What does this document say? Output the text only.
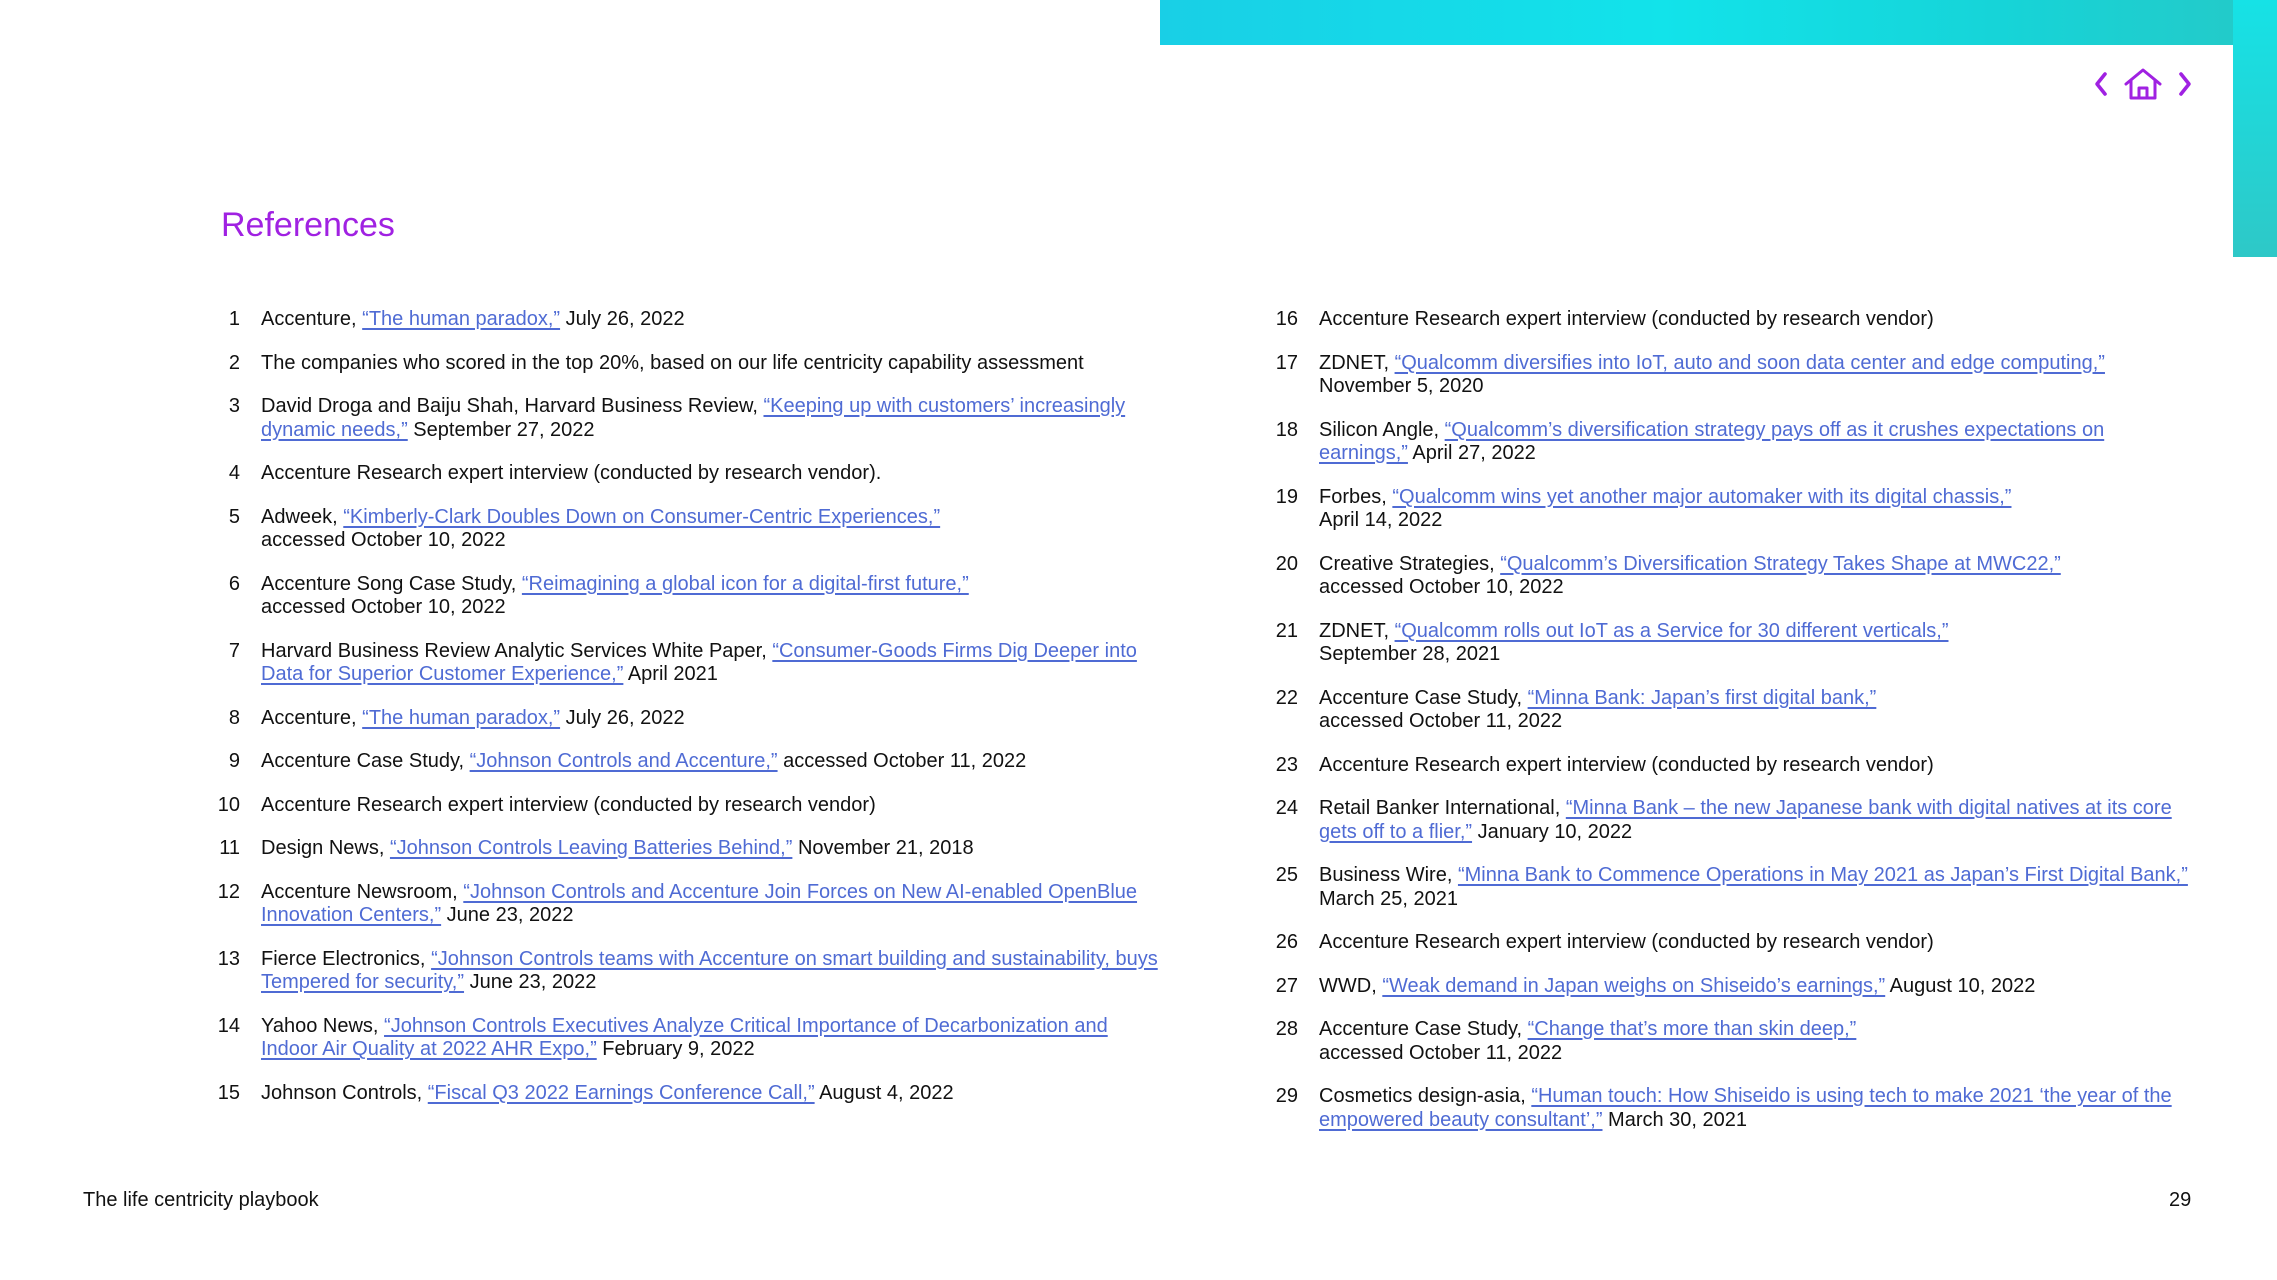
References
1	Accenture, “The human paradox,” July 26, 2022
2	The companies who scored in the top 20%, based on our life centricity capability assessment
3	David Droga and Baiju Shah, Harvard Business Review, “Keeping up with customers’ increasingly dynamic needs,” September 27, 2022
4	Accenture Research expert interview (conducted by research vendor).
5	Adweek, “Kimberly-Clark Doubles Down on Consumer-Centric Experiences,”
accessed October 10, 2022
6	Accenture Song Case Study, “Reimagining a global icon for a digital-first future,”
accessed October 10, 2022
7	Harvard Business Review Analytic Services White Paper, “Consumer-Goods Firms Dig Deeper into Data for Superior Customer Experience,” April 2021
8	Accenture, “The human paradox,” July 26, 2022
9	Accenture Case Study, “Johnson Controls and Accenture,” accessed October 11, 2022
10	Accenture Research expert interview (conducted by research vendor)
11	Design News, “Johnson Controls Leaving Batteries Behind,” November 21, 2018
12	Accenture Newsroom, “Johnson Controls and Accenture Join Forces on New AI-enabled OpenBlue Innovation Centers,” June 23, 2022
13	Fierce Electronics, “Johnson Controls teams with Accenture on smart building and sustainability, buys Tempered for security,” June 23, 2022
14	Yahoo News, “Johnson Controls Executives Analyze Critical Importance of Decarbonization and Indoor Air Quality at 2022 AHR Expo,” February 9, 2022
15	Johnson Controls, “Fiscal Q3 2022 Earnings Conference Call,” August 4, 2022
16	Accenture Research expert interview (conducted by research vendor)
17	ZDNET, “Qualcomm diversifies into IoT, auto and soon data center and edge computing,” November 5, 2020
18	Silicon Angle, “Qualcomm’s diversification strategy pays off as it crushes expectations on earnings,” April 27, 2022
19	Forbes, “Qualcomm wins yet another major automaker with its digital chassis,”
April 14, 2022
20	Creative Strategies, “Qualcomm’s Diversification Strategy Takes Shape at MWC22,”
accessed October 10, 2022
21	ZDNET, “Qualcomm rolls out IoT as a Service for 30 different verticals,”
September 28, 2021
22	Accenture Case Study, “Minna Bank: Japan’s first digital bank,”
accessed October 11, 2022
23	Accenture Research expert interview (conducted by research vendor)
24	Retail Banker International, “Minna Bank – the new Japanese bank with digital natives at its core gets off to a flier,” January 10, 2022
25	Business Wire, “Minna Bank to Commence Operations in May 2021 as Japan’s First Digital Bank,” March 25, 2021
26	Accenture Research expert interview (conducted by research vendor)
27	WWD, “Weak demand in Japan weighs on Shiseido’s earnings,” August 10, 2022
28	Accenture Case Study, “Change that’s more than skin deep,”
accessed October 11, 2022
29	Cosmetics design-asia, “Human touch: How Shiseido is using tech to make 2021 ‘the year of the empowered beauty consultant’,” March 30, 2021
The life centricity playbook	29
